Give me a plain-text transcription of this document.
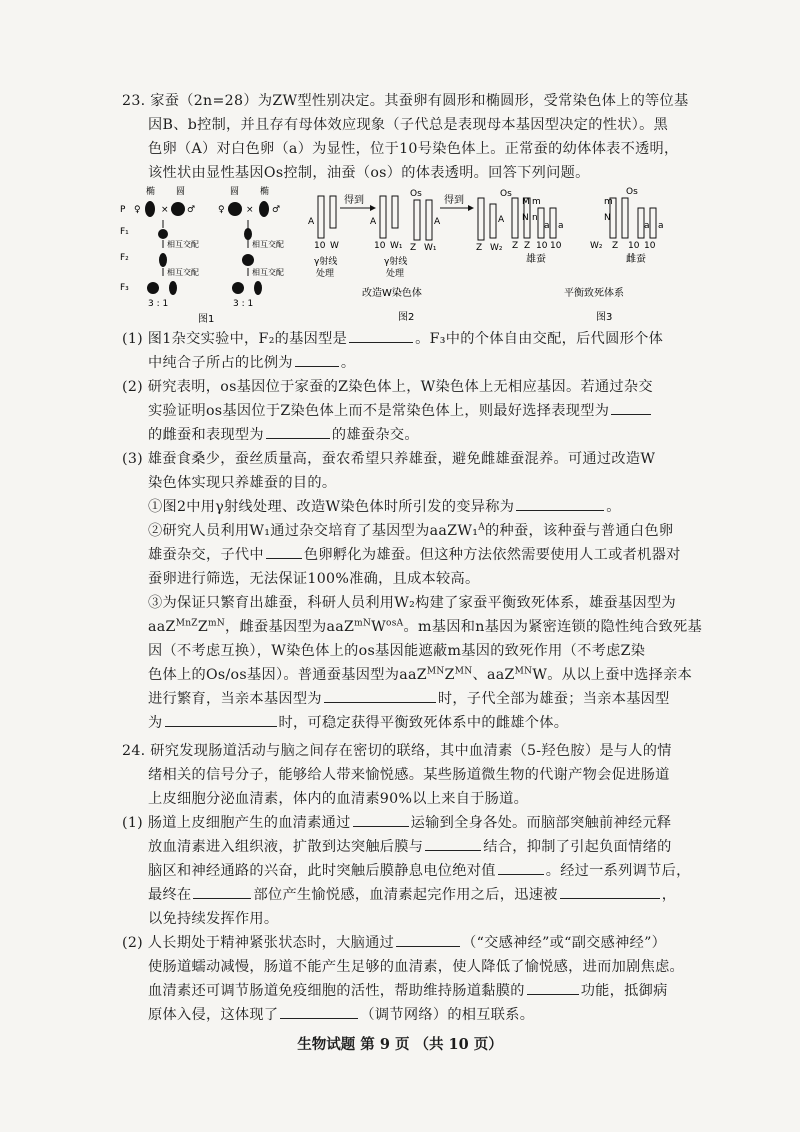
23. 家蚕（2n=28）为ZW型性别决定。其蚕卵有圆形和椭圆形，受常染色体上的等位基
因B、b控制，并且存有母体效应现象（子代总是表现母本基因型决定的性状）。黑
色卵（A）对白色卵（a）为显性，位于10号染色体上。正常蚕的幼体体表不透明，
该性状由显性基因Os控制，油蚕（os）的体表透明。回答下列问题。
P
F₁
F₂
F₃
椭 圆
♀ × ♂
相互交配
相互交配
3 : 1
圆 椭
♀ × ♂
相互交配
相互交配
3 : 1
图1
A
10 W
得到
γ射线
处理
A
10 W₁
Os
A
Z W₁
γ射线
处理
得到
Os
A
Z W₂
改造W染色体
图2
M m
N n
Z Z 10 10
a a
雄蚕
m
N
Os
W₂ Z 10 10
a a
雌蚕
平衡致死体系
图3
(1) 图1杂交实验中，F₂的基因型是	。F₃中的个体自由交配，后代圆形个体
中纯合子所占的比例为	。
(2) 研究表明，os基因位于家蚕的Z染色体上，W染色体上无相应基因。若通过杂交
实验证明os基因位于Z染色体上而不是常染色体上，则最好选择表现型为
的雌蚕和表现型为	的雄蚕杂交。
(3) 雄蚕食桑少，蚕丝质量高，蚕农希望只养雄蚕，避免雌雄蚕混养。可通过改造W
染色体实现只养雄蚕的目的。
①图2中用γ射线处理、改造W染色体时所引发的变异称为	。
②研究人员利用W₁通过杂交培育了基因型为aaZW₁$^A$的种蚕，该种蚕与普通白色卵
雄蚕杂交，子代中	色卵孵化为雄蚕。但这种方法依然需要使用人工或者机器对
蚕卵进行筛选，无法保证100%准确，且成本较高。
③为保证只繁育出雄蚕，科研人员利用W₂构建了家蚕平衡致死体系，雄蚕基因型为
$aaZ^{MnZ}Z^{mN}$，雌蚕基因型为$aaZ^{mN}W^{osA}$。m基因和n基因为紧密连锁的隐性纯合致死基
因（不考虑互换），W染色体上的os基因能遮蔽m基因的致死作用（不考虑Z染
色体上的Os/os基因）。普通蚕基因型为$aaZ^{MN}Z^{MN}$、aaZ$^{MN}$W。从以上蚕中选择亲本
进行繁育，当亲本基因型为	时，子代全部为雄蚕；当亲本基因型
为	时，可稳定获得平衡致死体系中的雌雄个体。
24. 研究发现肠道活动与脑之间存在密切的联络，其中血清素（5-羟色胺）是与人的情
绪相关的信号分子，能够给人带来愉悦感。某些肠道微生物的代谢产物会促进肠道
上皮细胞分泌血清素，体内的血清素90%以上来自于肠道。
(1) 肠道上皮细胞产生的血清素通过	运输到全身各处。而脑部突触前神经元释
放血清素进入组织液，扩散到达突触后膜与	结合，抑制了引起负面情绪的
脑区和神经通路的兴奋，此时突触后膜静息电位绝对值	。经过一系列调节后，
最终在	部位产生愉悦感，血清素起完作用之后，迅速被	，
以免持续发挥作用。
(2) 人长期处于精神紧张状态时，大脑通过	（“交感神经”或“副交感神经”）
使肠道蠕动减慢，肠道不能产生足够的血清素，使人降低了愉悦感，进而加剧焦虑。
血清素还可调节肠道免疫细胞的活性，帮助维持肠道黏膜的	功能，抵御病
原体入侵，这体现了	（调节网络）的相互联系。
生物试题 第 9 页 （共 10 页）
